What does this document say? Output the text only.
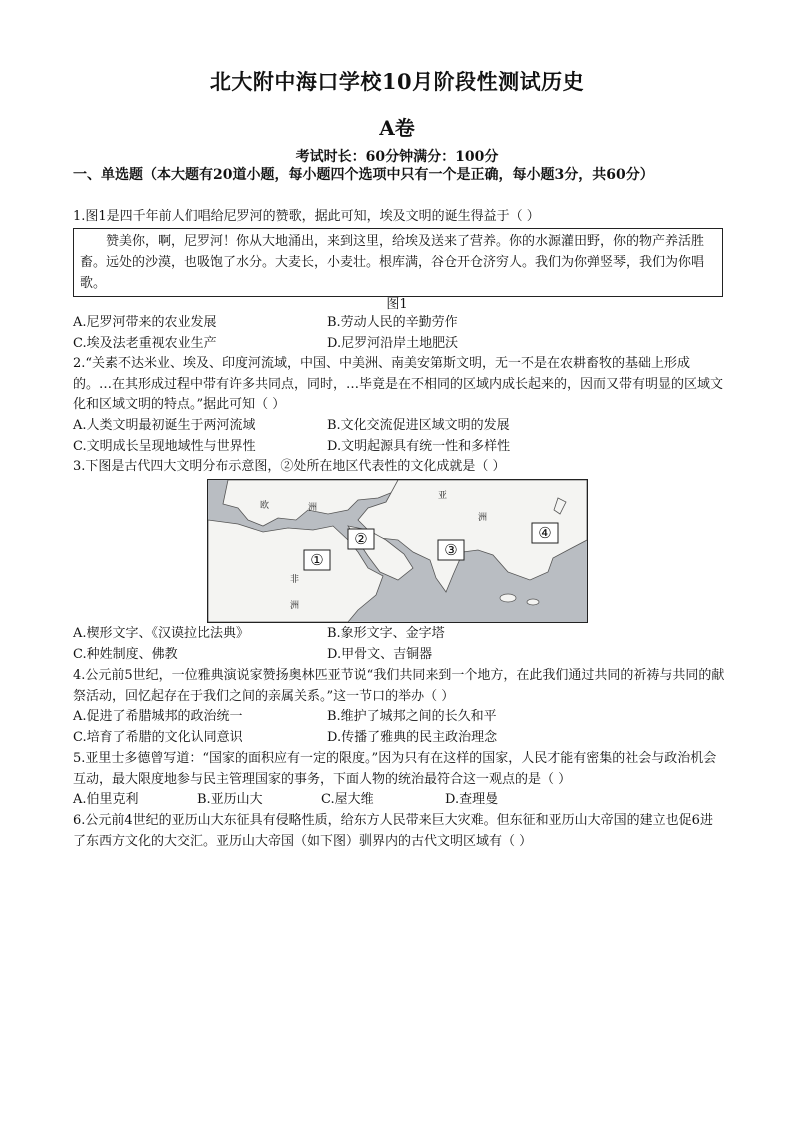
北大附中海口学校10月阶段性测试历史
A卷
考试时长：60分钟满分：100分
一、单选题（本大题有20道小题，每小题四个选项中只有一个是正确，每小题3分，共60分）
1.图1是四千年前人们唱给尼罗河的赞歌，据此可知，埃及文明的诞生得益于（ ）
赞美你，啊，尼罗河！你从大地涌出，来到这里，给埃及送来了营养。你的水源灌田野，你的物产养活胜畜。远处的沙漠，也吸饱了水分。大麦长，小麦壮。根库满，谷仓开仓济穷人。我们为你弹竖琴，我们为你唱歌。
图1
A.尼罗河带来的农业发展	B.劳动人民的辛勤劳作
C.埃及法老重视农业生产	D.尼罗河沿岸土地肥沃
2.“关素不达米业、埃及、印度河流域，中国、中美洲、南美安第斯文明，无一不是在农耕畜牧的基础上形成的。…在其形成过程中带有许多共同点，同时，…毕竟是在不相同的区域内成长起来的，因而又带有明显的区域文化和区域文明的特点。”据此可知（ ）
A.人类文明最初诞生于两河流域	B.文化交流促进区域文明的发展
C.文明成长呈现地域性与世界性	D.文明起源具有统一性和多样性
3.下图是古代四大文明分布示意图，②处所在地区代表性的文化成就是（ ）
欧	洲
亚
洲
非
洲
①
②
③
④
A.楔形文字、《汉谟拉比法典》	B.象形文字、金字塔
C.种姓制度、佛教	D.甲骨文、吉铜器
4.公元前5世纪，一位雅典演说家赞扬奥林匹亚节说“我们共同来到一个地方，在此我们通过共同的祈祷与共同的献祭活动，回忆起存在于我们之间的亲属关系。”这一节口的举办（ ）
A.促进了希腊城邦的政治统一	B.维护了城邦之间的长久和平
C.培育了希腊的文化认同意识	D.传播了雅典的民主政治理念
5.亚里士多德曾写道：“国家的面积应有一定的限度。”因为只有在这样的国家，人民才能有密集的社会与政治机会互动，最大限度地参与民主管理国家的事务，下面人物的统治最符合这一观点的是（ ）
A.伯里克利	B.亚历山大	C.屋大维	D.查理曼
6.公元前4世纪的亚历山大东征具有侵略性质，给东方人民带来巨大灾难。但东征和亚历山大帝国的建立也促6进了东西方文化的大交汇。亚历山大帝国（如下图）驯界内的古代文明区域有（ ）
